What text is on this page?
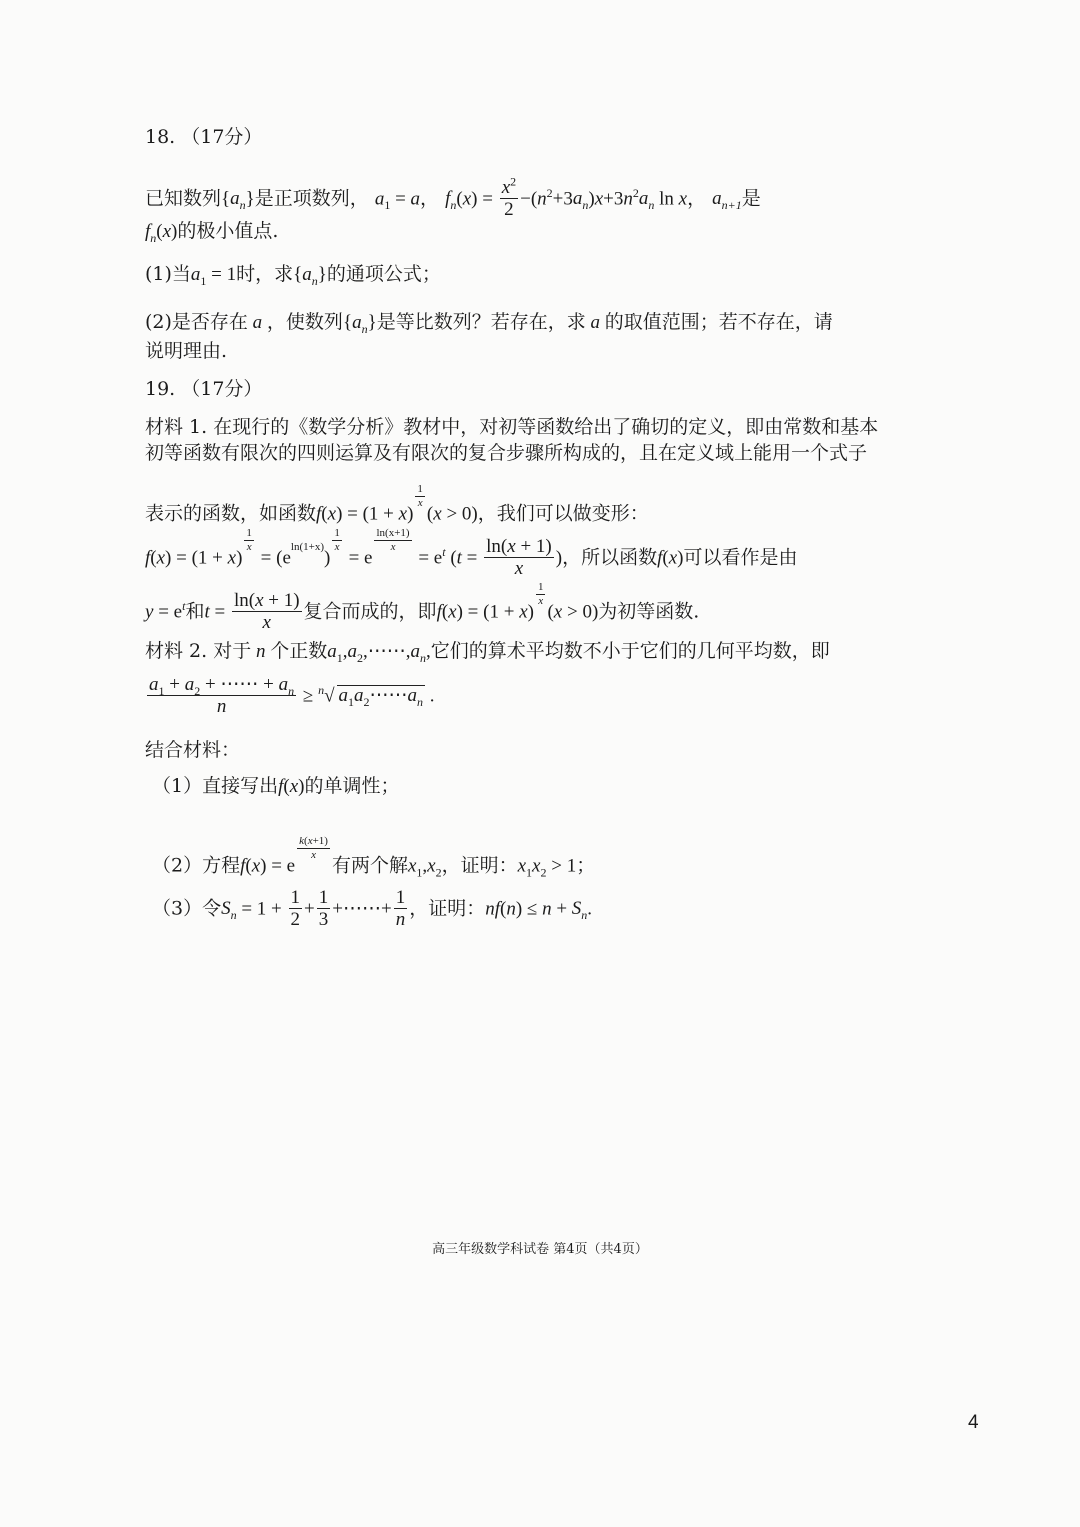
18. （17分）
已知数列$\{a_n\}$是正项数列， $a_1 = a$， $f_n(x) = \frac{x^2}{2} -(n^2+3a_n)x+3n^2a_n$ ln x， $a_{n+1}$是
$f_n(x)$的极小值点.
(1)当$a_1 = 1$时，求$\{a_n\}$的通项公式；
(2)是否存在 a ，使数列$\{a_n\}$是等比数列？若存在，求 a 的取值范围；若不存在，请
说明理由.
19. （17分）
材料 1. 在现行的《数学分析》教材中，对初等函数给出了确切的定义，即由常数和基本
初等函数有限次的四则运算及有限次的复合步骤所构成的，且在定义域上能用一个式子
表示的函数，如函数f(x) = (1 + x)
$\frac{1}{x}$
(x > 0)，我们可以做变形：
f(x) = (1 + x)
$\frac{1}{x}$
= (eln(1+x))
$\frac{1}{x}$
= e
$\frac{\ln(x+1)}{x}$
= $e^t$ ($t = \frac{\ln(x + 1)}{x}$ )，所以函数f(x)可以看作是由
$y = e^t$和$t = \frac{\ln(x + 1)}{x}$ 复合而成的，即f(x) = (1 + x)
$\frac{1}{x}$
(x > 0)为初等函数.
材料 2. 对于 n 个正数$a_1,a_2,\cdots\cdots,a_n$,它们的算术平均数不小于它们的几何平均数，即
$\frac{a_1 + a_2 + \cdots\cdots + a_n}{n} \ge ^n√$ $a_1a_2\cdots\cdots a_n$ .
结合材料：
（1）直接写出f(x)的单调性；
（2）方程f(x) = e
$\frac{k(x+1)}{x}$
有两个解$x_1,x_2$，证明：$x_1x_2 > 1$；
（3）令$S_n = 1 + \frac{1}{2} + \frac{1}{3}$ +⋯⋯+ $\frac{1}{n}$ ，证明：$nf(n) \le n + S_n$.
高三年级数学科试卷 第4页（共4页）
4
